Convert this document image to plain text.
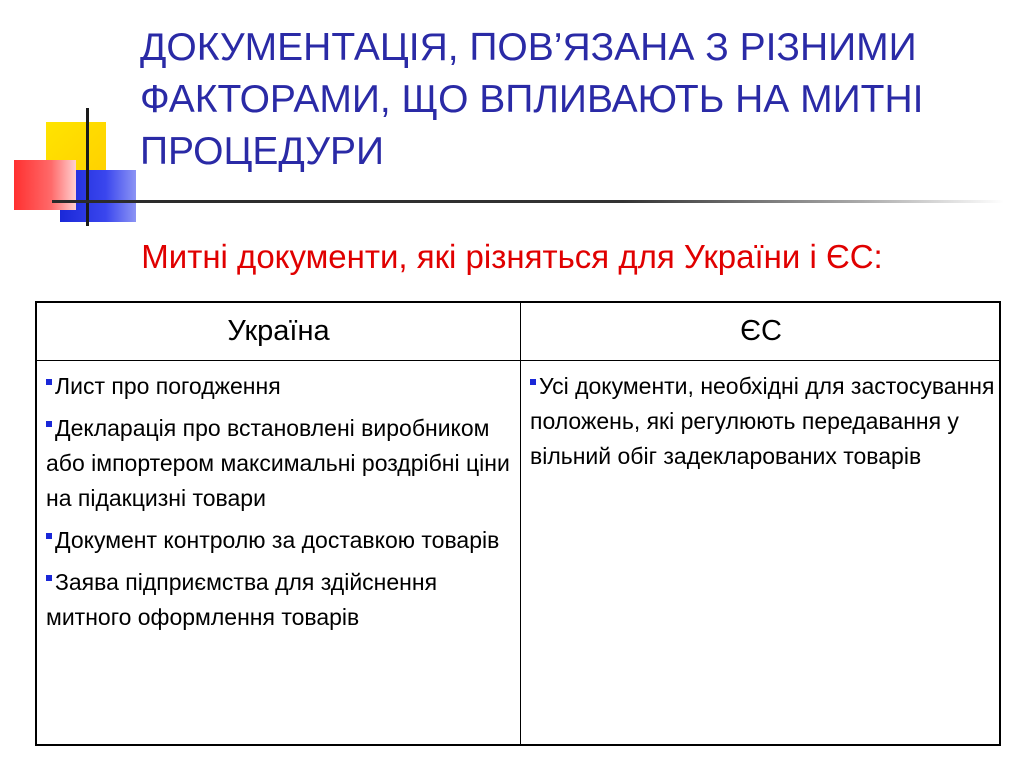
ДОКУМЕНТАЦІЯ, ПОВ’ЯЗАНА З РІЗНИМИ ФАКТОРАМИ, ЩО ВПЛИВАЮТЬ НА МИТНІ ПРОЦЕДУРИ
Митні документи, які різняться для України і ЄС:
Україна	ЄС
Лист про погодження
Декларація про встановлені виробником або імпортером максимальні роздрібні ціни на підакцизні товари
Документ контролю за доставкою товарів
Заява підприємства для здійснення митного оформлення товарів
Усі документи, необхідні для застосування положень, які регулюють передавання у вільний обіг задекларованих товарів
